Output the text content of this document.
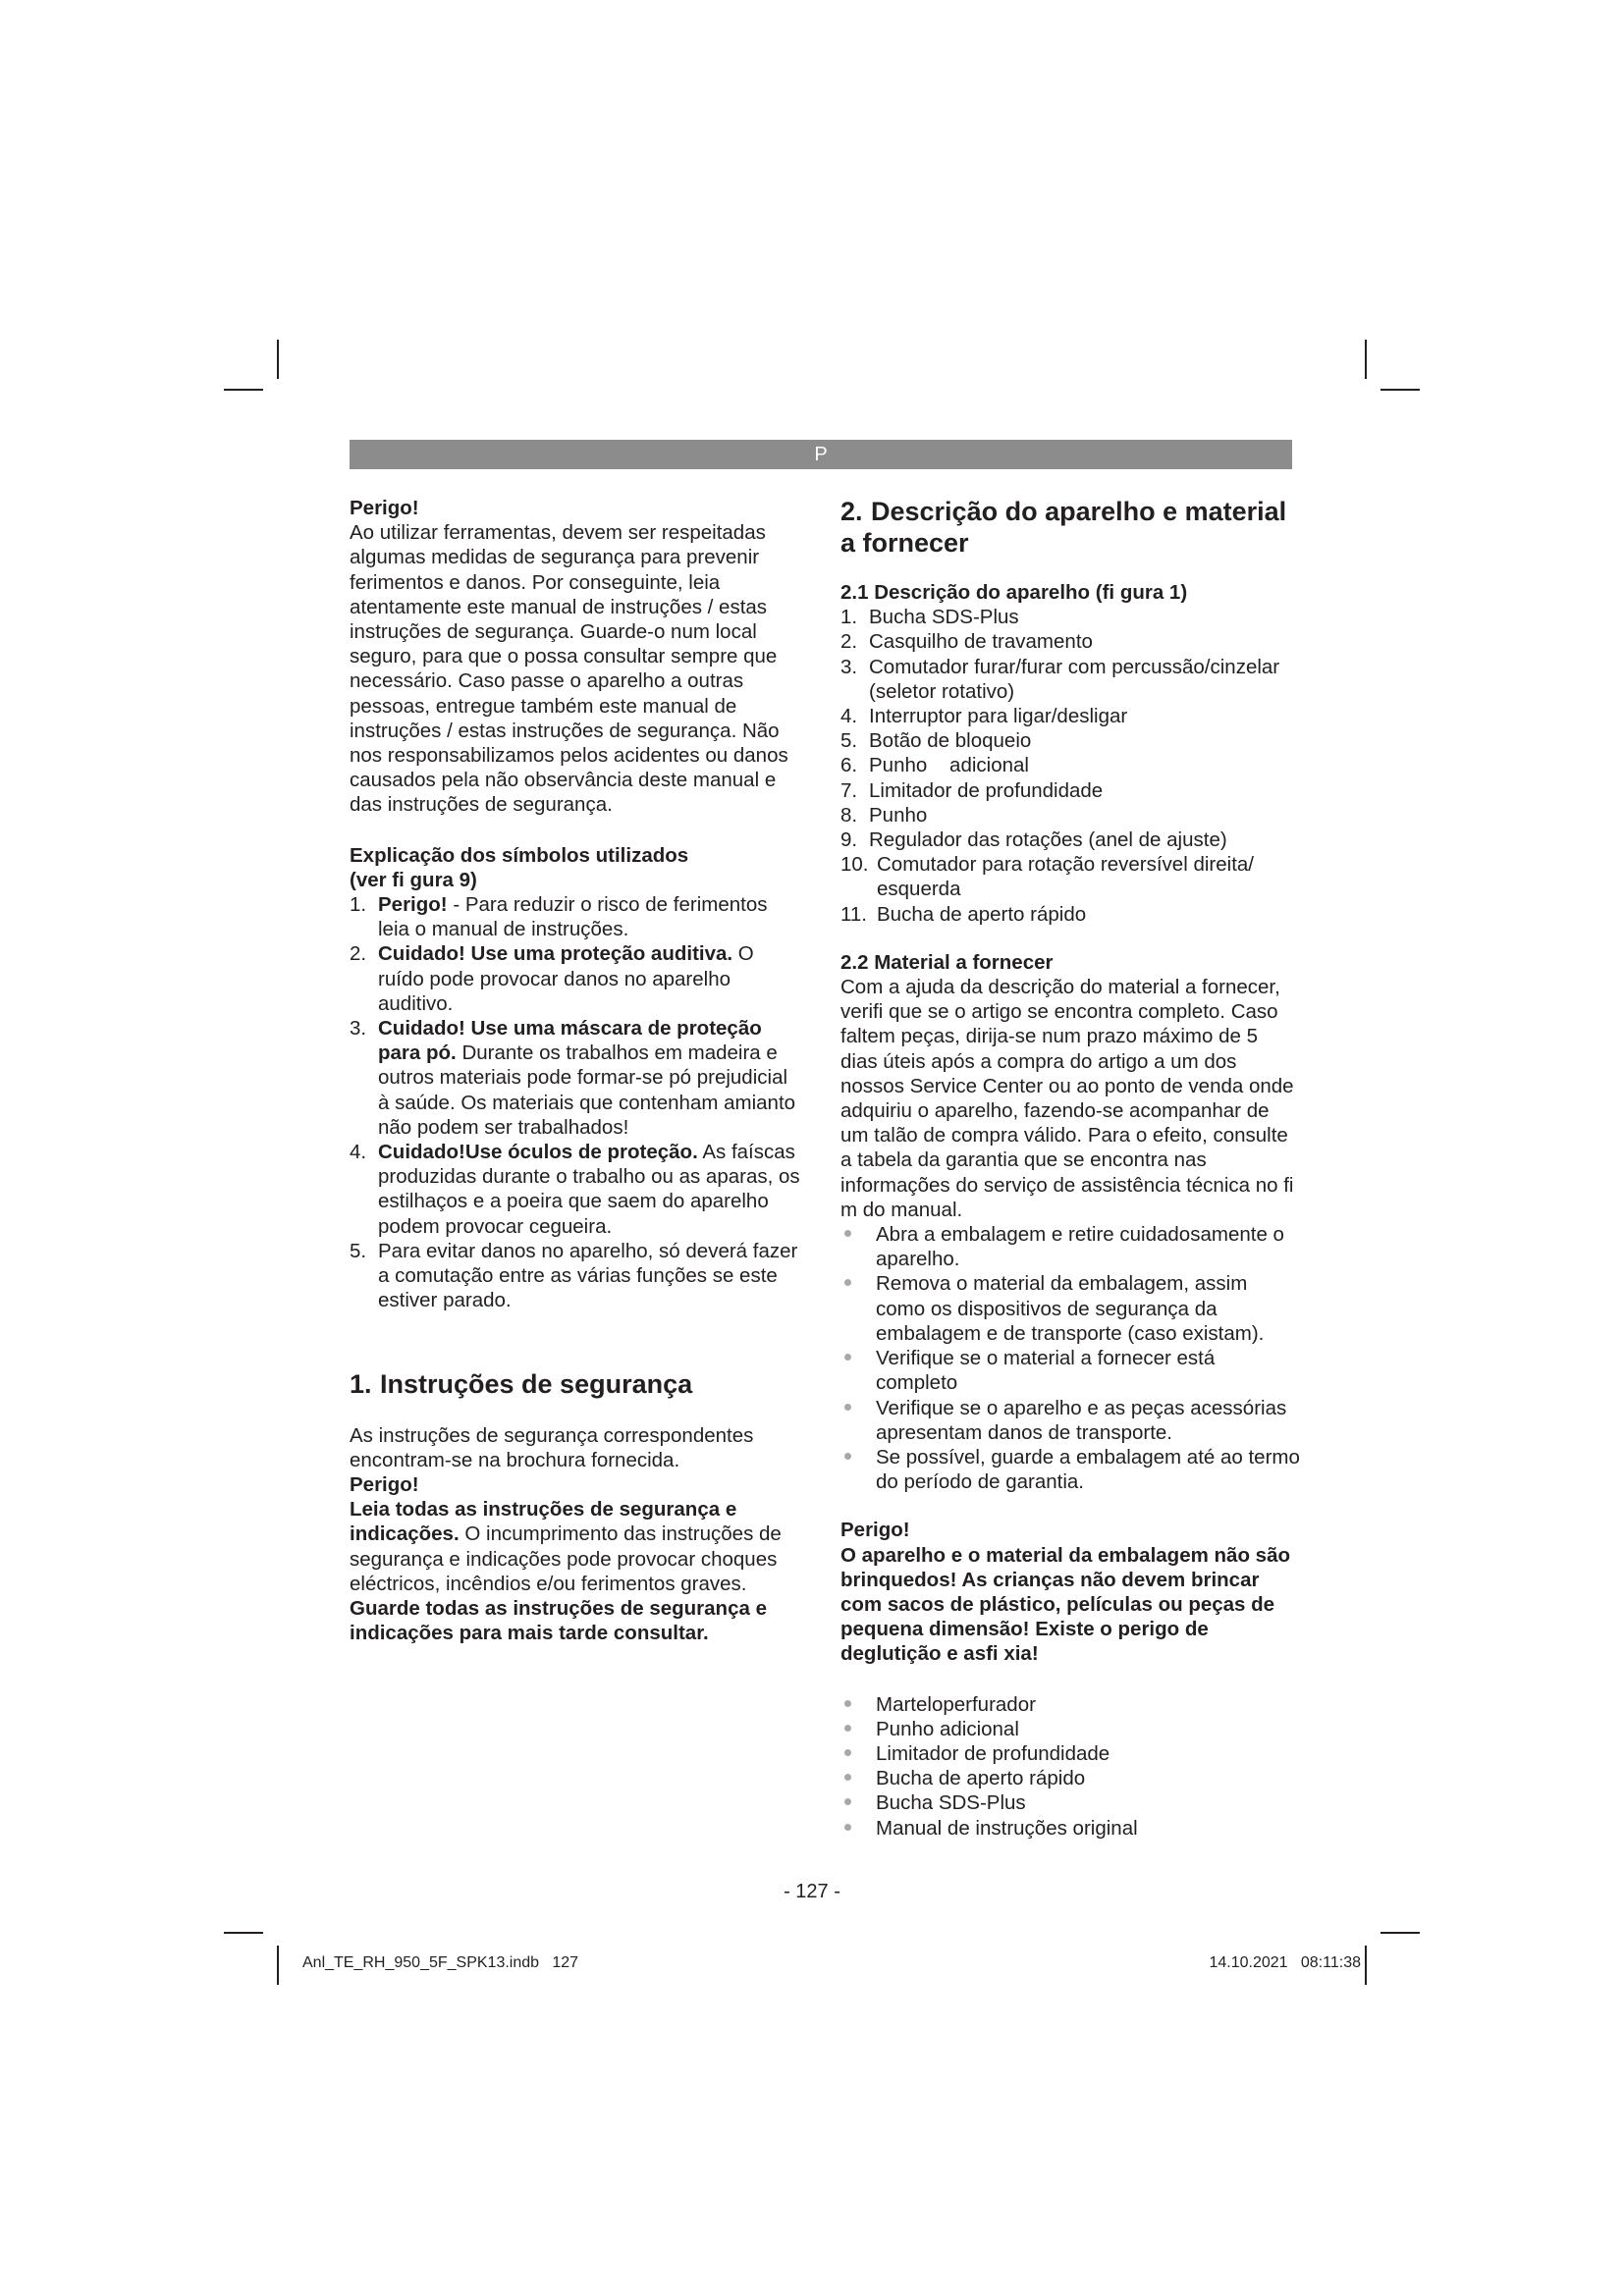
P

Perigo!

Ao utilizar ferramentas, devem ser respeitadas algumas medidas de segurança para prevenir ferimentos e danos. Por conseguinte, leia atentamente este manual de instruções / estas instruções de segurança. Guarde-o num local seguro, para que o possa consultar sempre que necessário. Caso passe o aparelho a outras pessoas, entregue também este manual de instruções / estas instruções de segurança. Não nos responsabilizamos pelos acidentes ou danos causados pela não observância deste manual e das instruções de segurança.

Explicação dos símbolos utilizados

(ver fi gura 9)

1. Perigo! - Para reduzir o risco de ferimentos leia o manual de instruções.
2. Cuidado! Use uma proteção auditiva. O ruído pode provocar danos no aparelho auditivo.
3. Cuidado! Use uma máscara de proteção para pó. Durante os trabalhos em madeira e outros materiais pode formar-se pó prejudicial à saúde. Os materiais que contenham amianto não podem ser trabalhados!
4. Cuidado!Use óculos de proteção. As faíscas produzidas durante o trabalho ou as aparas, os estilhaços e a poeira que saem do aparelho podem provocar cegueira.
5. Para evitar danos no aparelho, só deverá fazer a comutação entre as várias funções se este estiver parado.

1. Instruções de segurança

As instruções de segurança correspondentes encontram-se na brochura fornecida.

Perigo!

Leia todas as instruções de segurança e indicações. O incumprimento das instruções de segurança e indicações pode provocar choques eléctricos, incêndios e/ou ferimentos graves.

Guarde todas as instruções de segurança e indicações para mais tarde consultar.

2. Descrição do aparelho e material

a fornecer

2.1 Descrição do aparelho (fi gura 1)

1. Bucha SDS-Plus
2. Casquilho de travamento
3. Comutador furar/furar com percussão/cinzelar (seletor rotativo)
4. Interruptor para ligar/desligar
5. Botão de bloqueio
6. Punho    adicional
7. Limitador de profundidade
8. Punho
9. Regulador das rotações (anel de ajuste)
10. Comutador para rotação reversível direita/ esquerda
11. Bucha de aperto rápido

2.2 Material a fornecer

Com a ajuda da descrição do material a fornecer, verifi que se o artigo se encontra completo. Caso faltem peças, dirija-se num prazo máximo de 5 dias úteis após a compra do artigo a um dos nossos Service Center ou ao ponto de venda onde adquiriu o aparelho, fazendo-se acompanhar de um talão de compra válido. Para o efeito, consulte a tabela da garantia que se encontra nas informações do serviço de assistência técnica no fi m do manual.

Abra a embalagem e retire cuidadosamente o aparelho.
Remova o material da embalagem, assim como os dispositivos de segurança da embalagem e de transporte (caso existam).
Verifique se o material a fornecer está completo
Verifique se o aparelho e as peças acessórias apresentam danos de transporte.
Se possível, guarde a embalagem até ao termo do período de garantia.

Perigo!

O aparelho e o material da embalagem não são brinquedos! As crianças não devem brincar com sacos de plástico, películas ou peças de pequena dimensão! Existe o perigo de deglutição e asfi xia!

Marteloperfurador
Punho adicional
Limitador de profundidade
Bucha de aperto rápido
Bucha SDS-Plus
Manual de instruções original
- 127 -
Anl_TE_RH_950_5F_SPK13.indb   127	14.10.2021   08:11:38
